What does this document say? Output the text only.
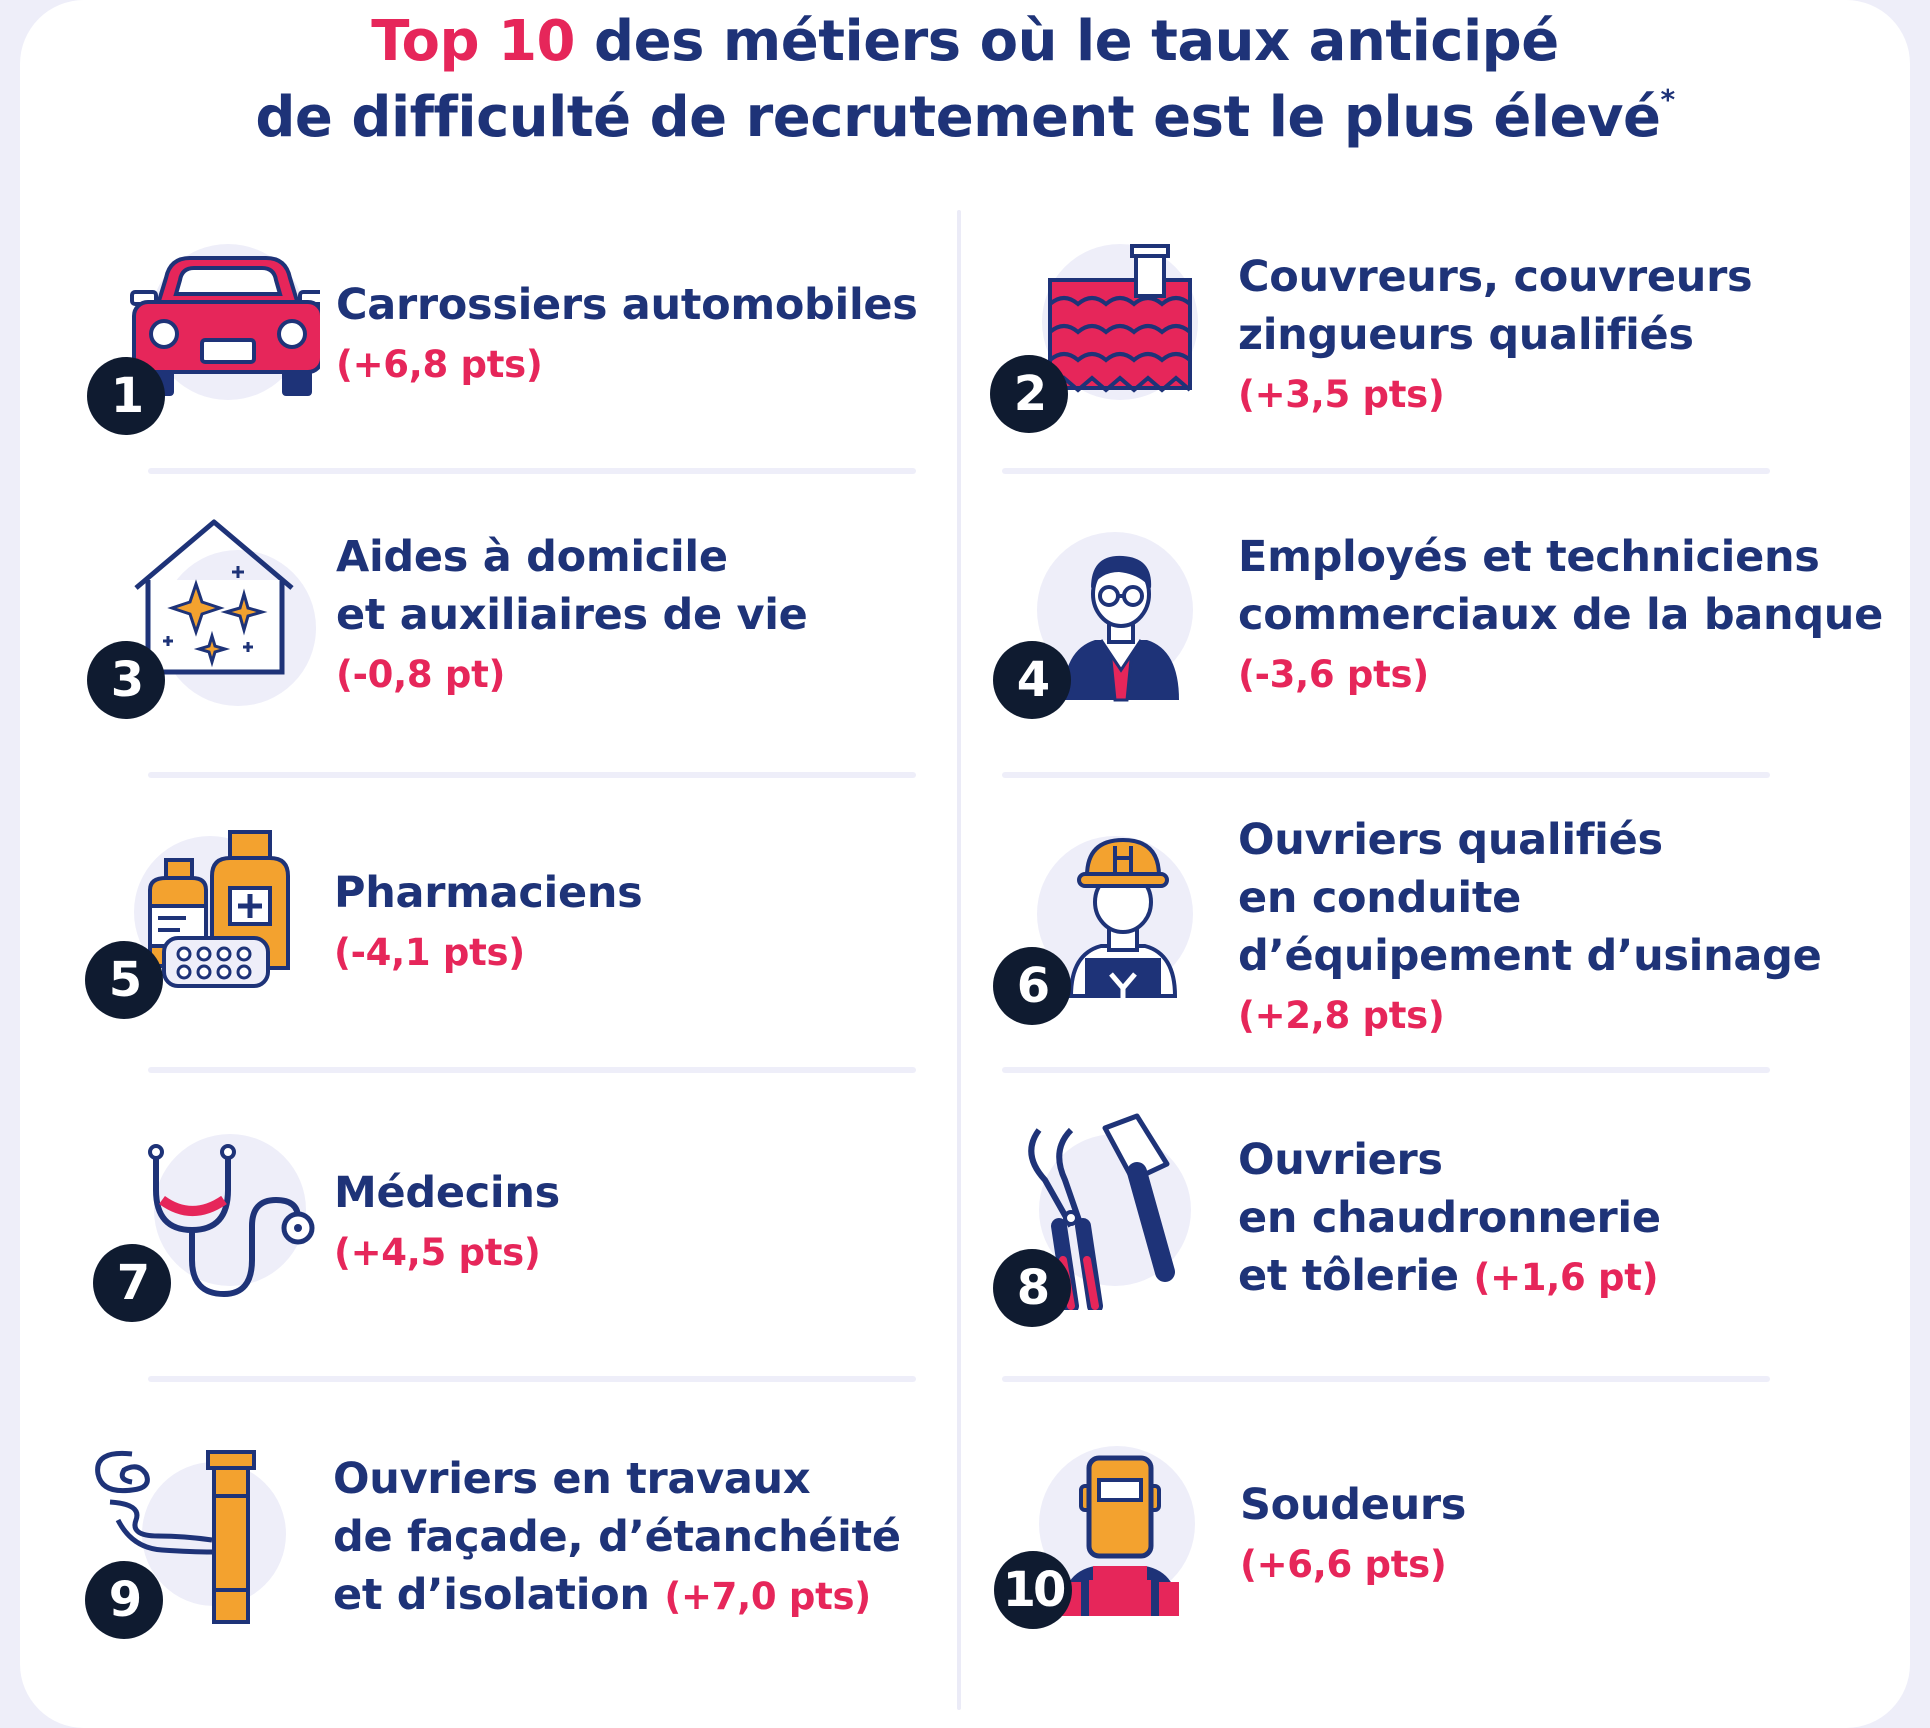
Top 10 des métiers où le taux anticipé
de difficulté de recrutement est le plus élevé*
1
Carrossiers automobiles
(+6,8 pts)
2
Couvreurs, couvreurs
zingueurs qualifiés
(+3,5 pts)
3
Aides à domicile
et auxiliaires de vie
(-0,8 pt)	4
Employés et techniciens
commerciaux de la banque
(-3,6 pts)
5
Pharmaciens
(-4,1 pts)
6
Ouvriers qualifiés
en conduite
d’équipement d’usinage
(+2,8 pts)
7
Médecins
(+4,5 pts)
8
Ouvriers
en chaudronnerie
et tôlerie (+1,6 pt)
9
Ouvriers en travaux
de façade, d’étanchéité
et d’isolation (+7,0 pts)	10
Soudeurs
(+6,6 pts)
